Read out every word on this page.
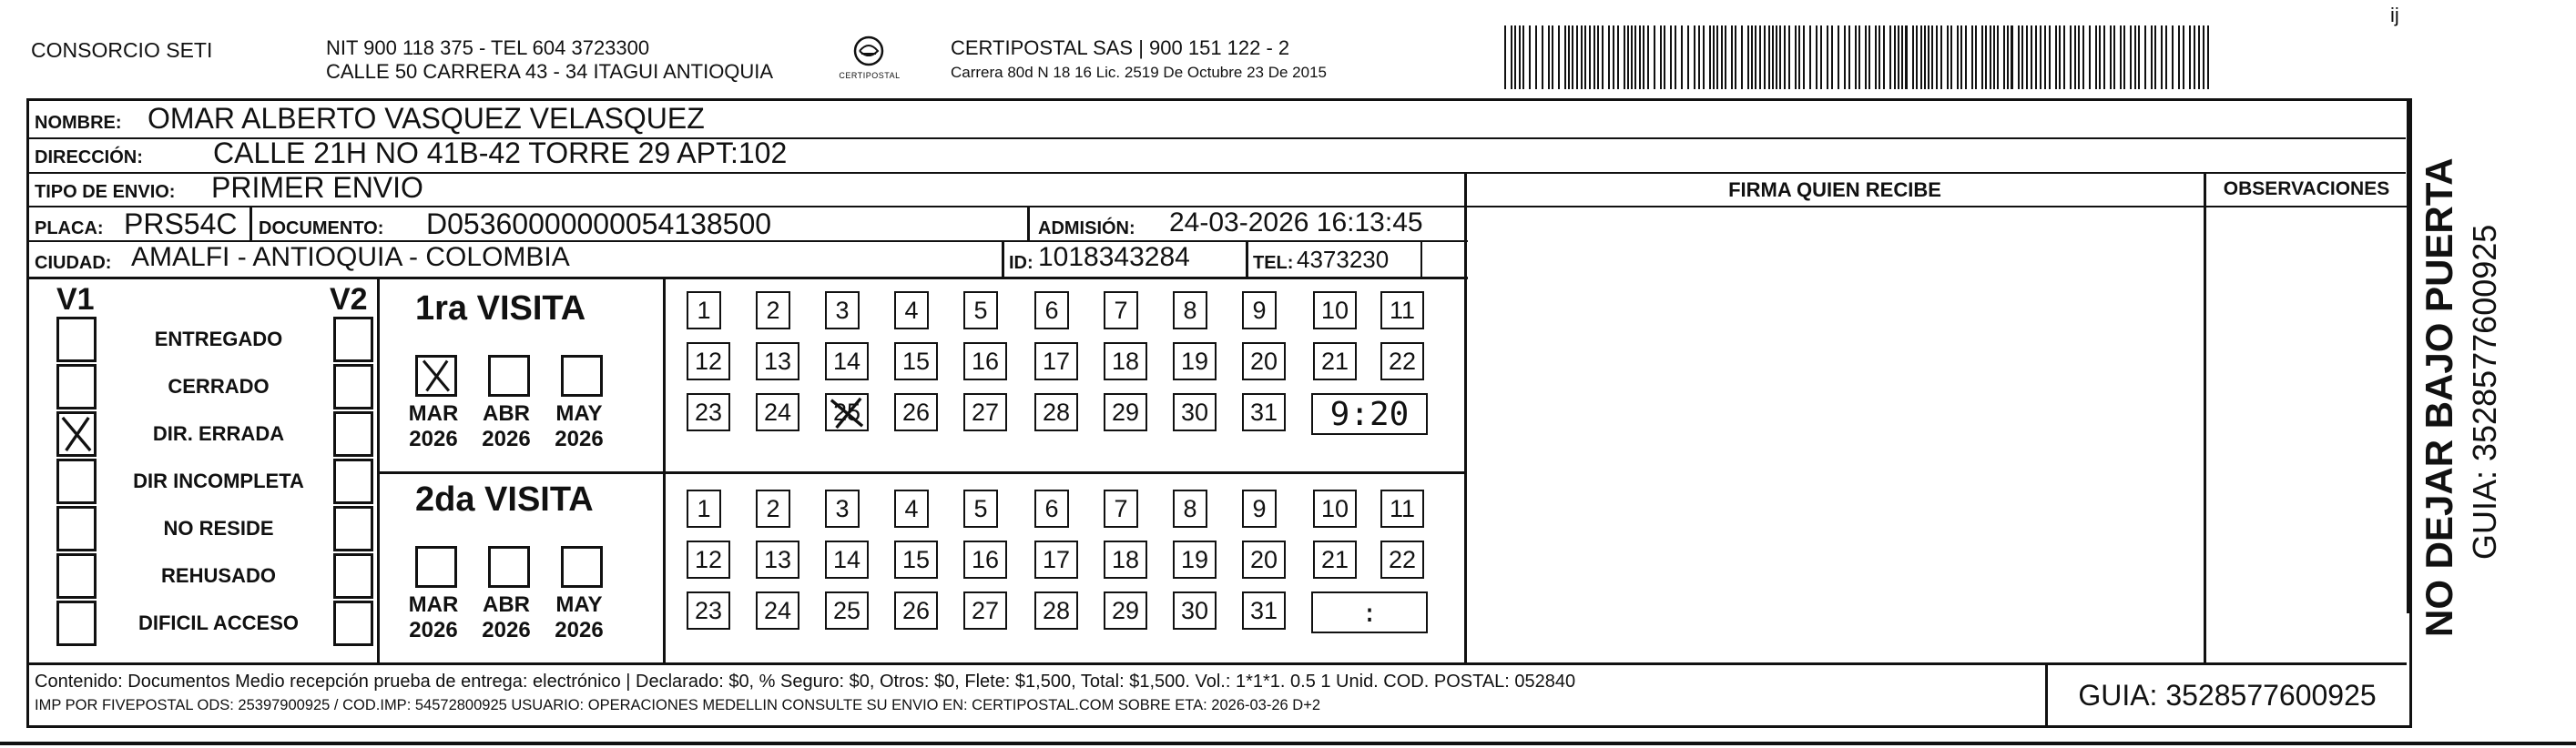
CONSORCIO SETI	NIT 900 118 375 - TEL 604 3723300
CALLE 50 CARRERA 43 - 34 ITAGUI ANTIOQUIA	CERTIPOSTAL
CERTIPOSTAL SAS | 900 151 122 - 2
Carrera 80d N 18 16 Lic. 2519 De Octubre 23 De 2015
ĳ
NOMBRE: OMAR ALBERTO VASQUEZ VELASQUEZ
DIRECCIÓN: CALLE 21H NO 41B-42 TORRE 29 APT:102
TIPO DE ENVIO: PRIMER ENVIO
PLACA: PRS54C DOCUMENTO: D05360000000054138500	ADMISIÓN: 24-03-2026 16:13:45
CIUDAD: AMALFI - ANTIOQUIA - COLOMBIA	ID: 1018343284	TEL: 4373230
FIRMA QUIEN RECIBE	OBSERVACIONES
V1	V2 1ra VISITA
2da VISITA
Contenido: Documentos Medio recepción prueba de entrega: electrónico | Declarado: $0, % Seguro: $0, Otros: $0, Flete: $1,500, Total: $1,500. Vol.: 1*1*1. 0.5 1 Unid. COD. POSTAL: 052840
IMP POR FIVEPOSTAL ODS: 25397900925 / COD.IMP: 54572800925 USUARIO: OPERACIONES MEDELLIN CONSULTE SU ENVIO EN: CERTIPOSTAL.COM SOBRE ETA: 2026-03-26 D+2	GUIA: 3528577600925
NO DEJAR BAJO PUERTA GUIA: 3528577600925
ENTREGADO
CERRADO
DIR. ERRADA
DIR INCOMPLETA
NO RESIDE
REHUSADO
DIFICIL ACCESO
MAR
2026
ABR
2026
MAY
2026
MAR
2026
ABR
2026
MAY
2026
1	2	3	4	5	6	7	8	9	10	11
12	13	14	15	16	17	18	19	20	21	22
23	24	25	26	27	28	29	30	31	9:20
1	2	3	4	5	6	7	8	9	10	11
12	13	14	15	16	17	18	19	20	21	22
23	24	25	26	27	28	29	30	31	:
